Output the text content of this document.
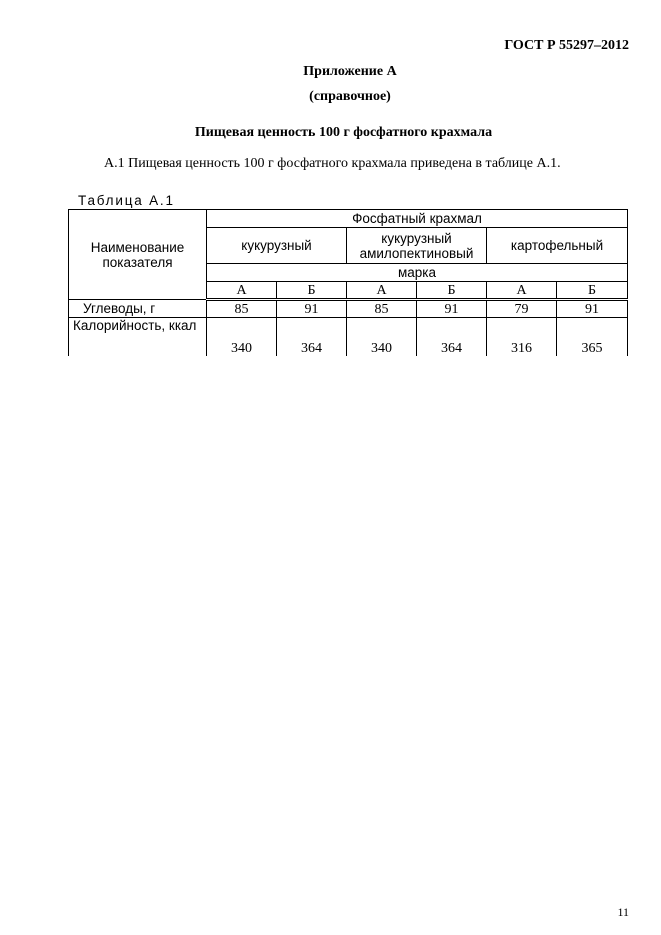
ГОСТ Р 55297–2012
Приложение А
(справочное)
Пищевая ценность 100 г фосфатного крахмала
А.1 Пищевая ценность 100 г фосфатного крахмала приведена в таблице А.1.
Таблица А.1
Наименование показателя	Фосфатный крахмал					
	кукурузный		кукурузный амилопектиновый		картофельный	
	марка					
	А	Б	А	Б	А	Б
Углеводы, г	85	91	85	91	79	91
Калорийность, ккал	340	364	340	364	316	365
11
